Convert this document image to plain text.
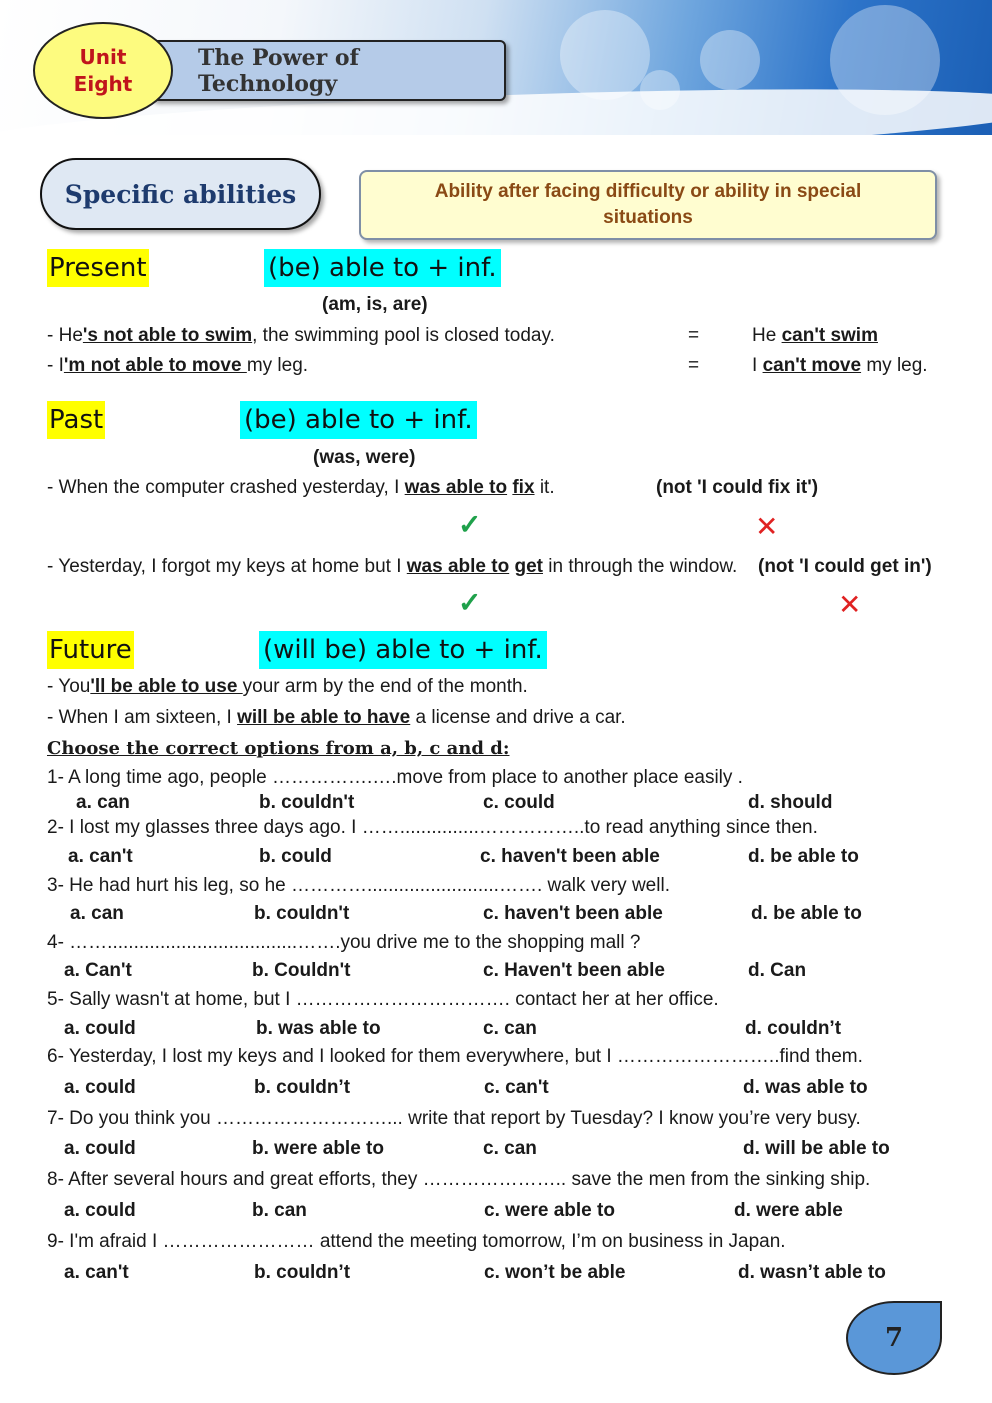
Unit
Eight
The Power of Technology
Specific abilities	Ability after facing difficulty or ability in special situations
Present	(be) able to + inf.
(am, is, are)
- He's not able to swim, the swimming pool is closed today.	=	He can't swim
- I'm not able to move my leg.	=	I can't move my leg.
Past	(be) able to + inf.
(was, were)
- When the computer crashed yesterday, I was able to fix it.	(not 'I could fix it')
✓	✕
- Yesterday, I forgot my keys at home but I was able to get in through the window. (not 'I could get in')
✓	✕
Future	(will be) able to + inf.
- You'll be able to use your arm by the end of the month.
- When I am sixteen, I will be able to have a license and drive a car.
Choose the correct options from a, b, c and d:
1- A long time ago, people …………….….move from place to another place easily .
a. can	b. couldn't	c. could	d. should
2- I lost my glasses three days ago. I ……...............……………..to read anything since then.
a. can't	b. could	c. haven't been able	d. be able to
3- He had hurt his leg, so he ………….........................……. walk very well.
a. can	b. couldn't	c. haven't been able	d. be able to
4- ……....................................…….you drive me to the shopping mall ?
a. Can't	b. Couldn't	c. Haven't been able	d. Can
5- Sally wasn't at home, but I ……………………………. contact her at her office.
a. could	b. was able to	c. can	d. couldn’t
6- Yesterday, I lost my keys and I looked for them everywhere, but I ……………………..find them.
a. could	b. couldn’t	c. can't	d. was able to
7- Do you think you ………………………... write that report by Tuesday? I know you’re very busy.
a. could	b. were able to	c. can	d. will be able to
8- After several hours and great efforts, they ………………….. save the men from the sinking ship.
a. could	b. can	c. were able to	d. were able
9- I'm afraid I …………………… attend the meeting tomorrow, I’m on business in Japan.
a. can't	b. couldn’t	c. won’t be able	d. wasn’t able to
7
